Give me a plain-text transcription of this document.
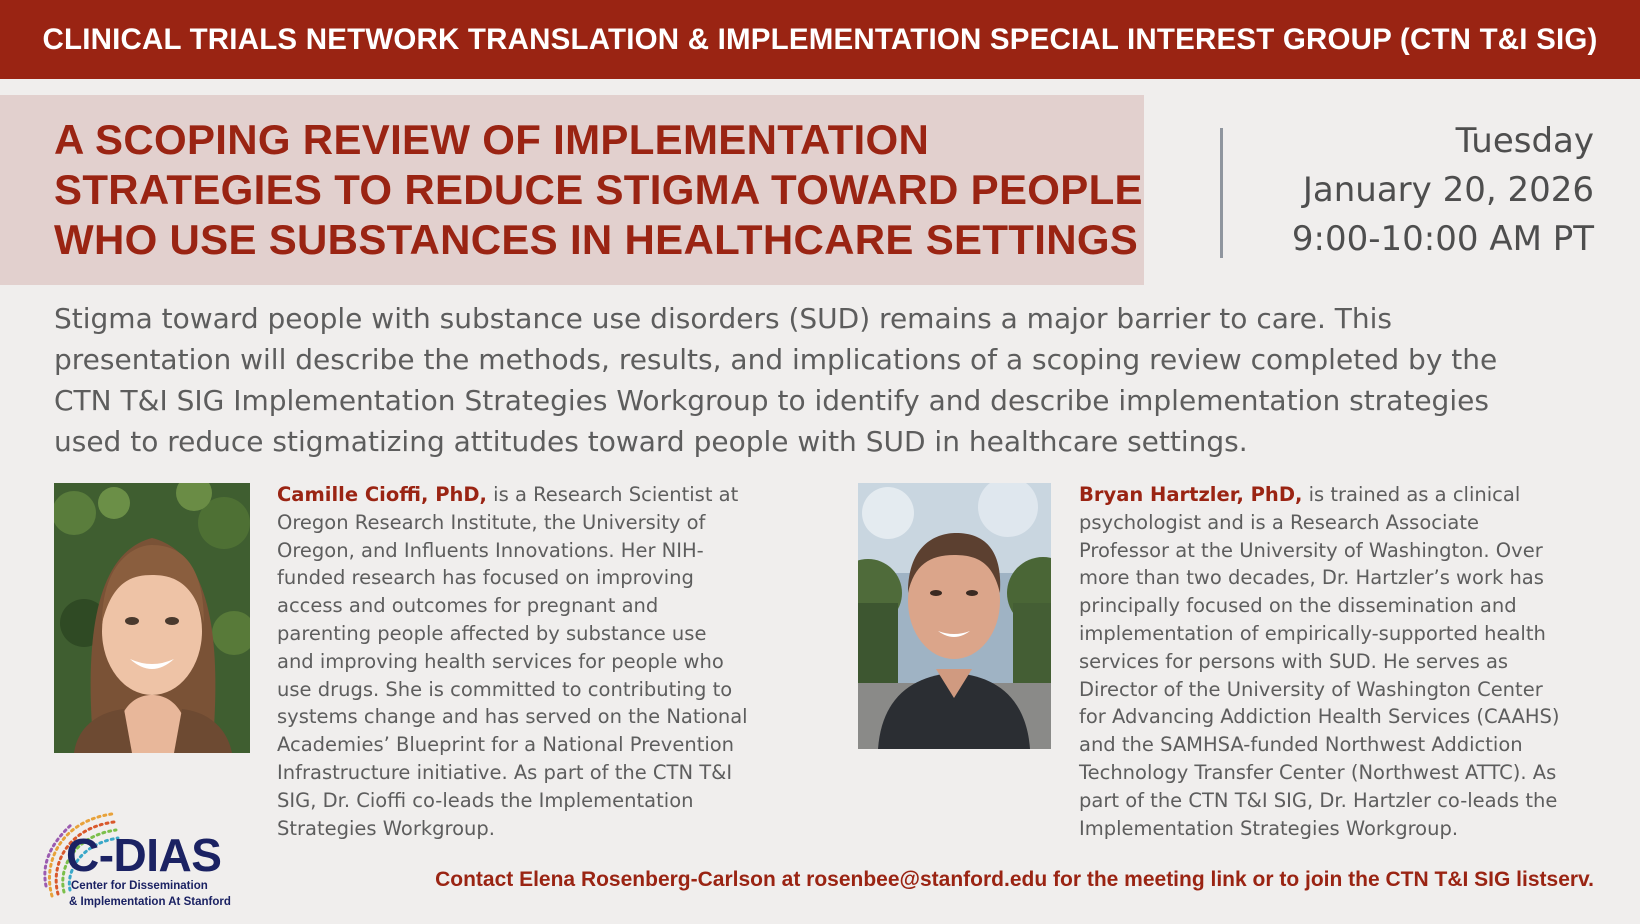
CLINICAL TRIALS NETWORK TRANSLATION & IMPLEMENTATION SPECIAL INTEREST GROUP (CTN T&I SIG)
A SCOPING REVIEW OF IMPLEMENTATION
STRATEGIES TO REDUCE STIGMA TOWARD PEOPLE
WHO USE SUBSTANCES IN HEALTHCARE SETTINGS
Tuesday
January 20, 2026
9:00-10:00 AM PT
Stigma toward people with substance use disorders (SUD) remains a major barrier to care. This
presentation will describe the methods, results, and implications of a scoping review completed by the
CTN T&I SIG Implementation Strategies Workgroup to identify and describe implementation strategies
used to reduce stigmatizing attitudes toward people with SUD in healthcare settings.
Camille Cioffi, PhD, is a Research Scientist at
Oregon Research Institute, the University of
Oregon, and Influents Innovations. Her NIH-
funded research has focused on improving
access and outcomes for pregnant and
parenting people affected by substance use
and improving health services for people who
use drugs. She is committed to contributing to
systems change and has served on the National
Academies’ Blueprint for a National Prevention
Infrastructure initiative. As part of the CTN T&I
SIG, Dr. Cioffi co-leads the Implementation
Strategies Workgroup.
Bryan Hartzler, PhD, is trained as a clinical
psychologist and is a Research Associate
Professor at the University of Washington. Over
more than two decades, Dr. Hartzler’s work has
principally focused on the dissemination and
implementation of empirically-supported health
services for persons with SUD. He serves as
Director of the University of Washington Center
for Advancing Addiction Health Services (CAAHS)
and the SAMHSA-funded Northwest Addiction
Technology Transfer Center (Northwest ATTC). As
part of the CTN T&I SIG, Dr. Hartzler co-leads the
Implementation Strategies Workgroup.
C-DIAS
Center for Dissemination
& Implementation At Stanford
Contact Elena Rosenberg-Carlson at rosenbee@stanford.edu for the meeting link or to join the CTN T&I SIG listserv.
